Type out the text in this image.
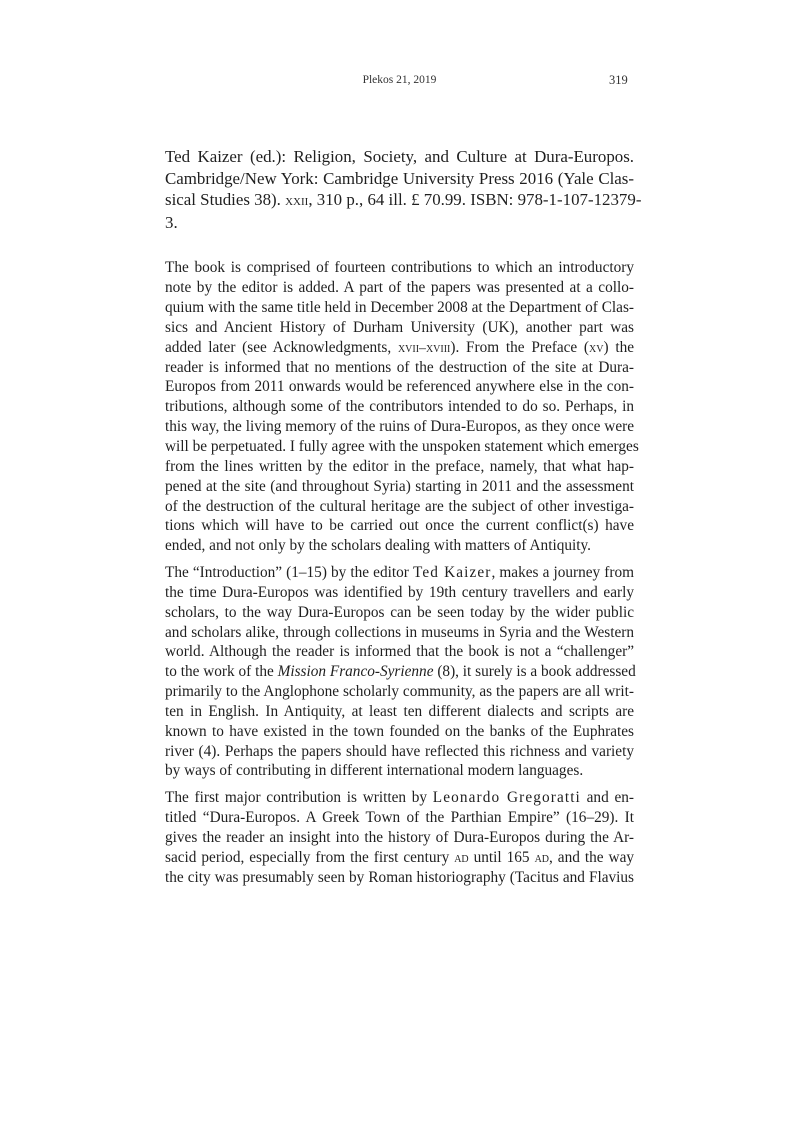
Plekos 21, 2019	319
Ted Kaizer (ed.): Religion, Society, and Culture at Dura-Europos.
Cambridge/New York: Cambridge University Press 2016 (Yale Clas-
sical Studies 38). xxii, 310 p., 64 ill. £ 70.99. ISBN: 978-1-107-12379-
3.
The book is comprised of fourteen contributions to which an introductory
note by the editor is added. A part of the papers was presented at a collo-
quium with the same title held in December 2008 at the Department of Clas-
sics and Ancient History of Durham University (UK), another part was
added later (see Acknowledgments, xvii–xviii). From the Preface (xv) the
reader is informed that no mentions of the destruction of the site at Dura-
Europos from 2011 onwards would be referenced anywhere else in the con-
tributions, although some of the contributors intended to do so. Perhaps, in
this way, the living memory of the ruins of Dura-Europos, as they once were
will be perpetuated. I fully agree with the unspoken statement which emerges
from the lines written by the editor in the preface, namely, that what hap-
pened at the site (and throughout Syria) starting in 2011 and the assessment
of the destruction of the cultural heritage are the subject of other investiga-
tions which will have to be carried out once the current conflict(s) have
ended, and not only by the scholars dealing with matters of Antiquity.
The “Introduction” (1–15) by the editor Ted Kaizer, makes a journey from
the time Dura-Europos was identified by 19th century travellers and early
scholars, to the way Dura-Europos can be seen today by the wider public
and scholars alike, through collections in museums in Syria and the Western
world. Although the reader is informed that the book is not a “challenger”
to the work of the Mission Franco-Syrienne (8), it surely is a book addressed
primarily to the Anglophone scholarly community, as the papers are all writ-
ten in English. In Antiquity, at least ten different dialects and scripts are
known to have existed in the town founded on the banks of the Euphrates
river (4). Perhaps the papers should have reflected this richness and variety
by ways of contributing in different international modern languages.
The first major contribution is written by Leonardo Gregoratti and en-
titled “Dura-Europos. A Greek Town of the Parthian Empire” (16–29). It
gives the reader an insight into the history of Dura-Europos during the Ar-
sacid period, especially from the first century ad until 165 ad, and the way
the city was presumably seen by Roman historiography (Tacitus and Flavius
